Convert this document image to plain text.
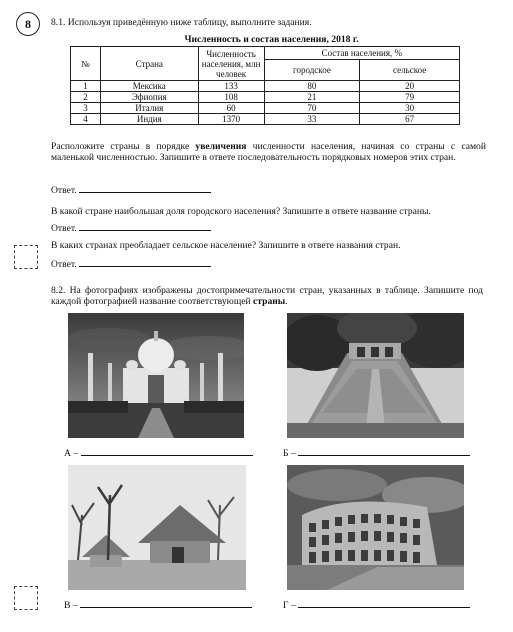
8	8.1. Используя приведённую ниже таблицу, выполните задания.
Численность и состав населения, 2018 г.
№	Страна	Численность населения, млн человек	Состав населения, %	
			городское	сельское
1	Мексика	133	80	20
2	Эфиопия	108	21	79
3	Италия	60	70	30
4	Индия	1370	33	67
Расположите страны в порядке увеличения численности населения, начиная со страны с самой маленькой численностью. Запишите в ответе последовательность порядковых номеров этих стран.
Ответ.
В какой стране наибольшая доля городского населения? Запишите в ответе название страны.
Ответ.
В каких странах преобладает сельское население? Запишите в ответе названия стран.
Ответ.
8.2. На фотографиях изображены достопримечательности стран, указанных в таблице. Запишите под каждой фотографией название соответствующей страны.
А –	Б –
В –	Г –
